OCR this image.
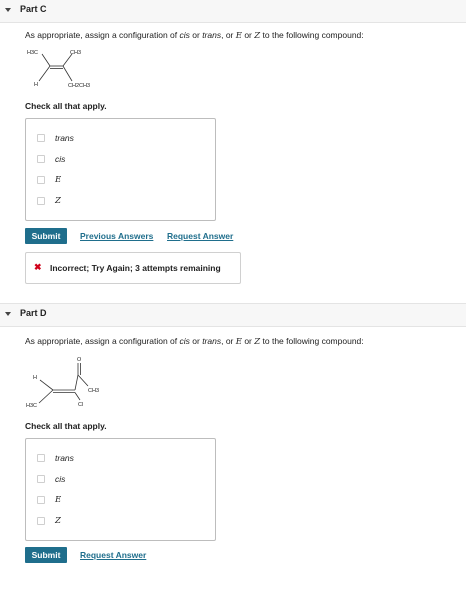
Part C
As appropriate, assign a configuration of cis or trans, or E or Z to the following compound:
H3C	CH3
H	CH2CH3
Check all that apply.
trans
cis
E
Z
Submit	Previous Answers Request Answer
✖ Incorrect; Try Again; 3 attempts remaining
Part D
As appropriate, assign a configuration of cis or trans, or E or Z to the following compound:
H
O
CH3
H3C	Cl
Check all that apply.
trans
cis
E
Z
Submit	Request Answer
